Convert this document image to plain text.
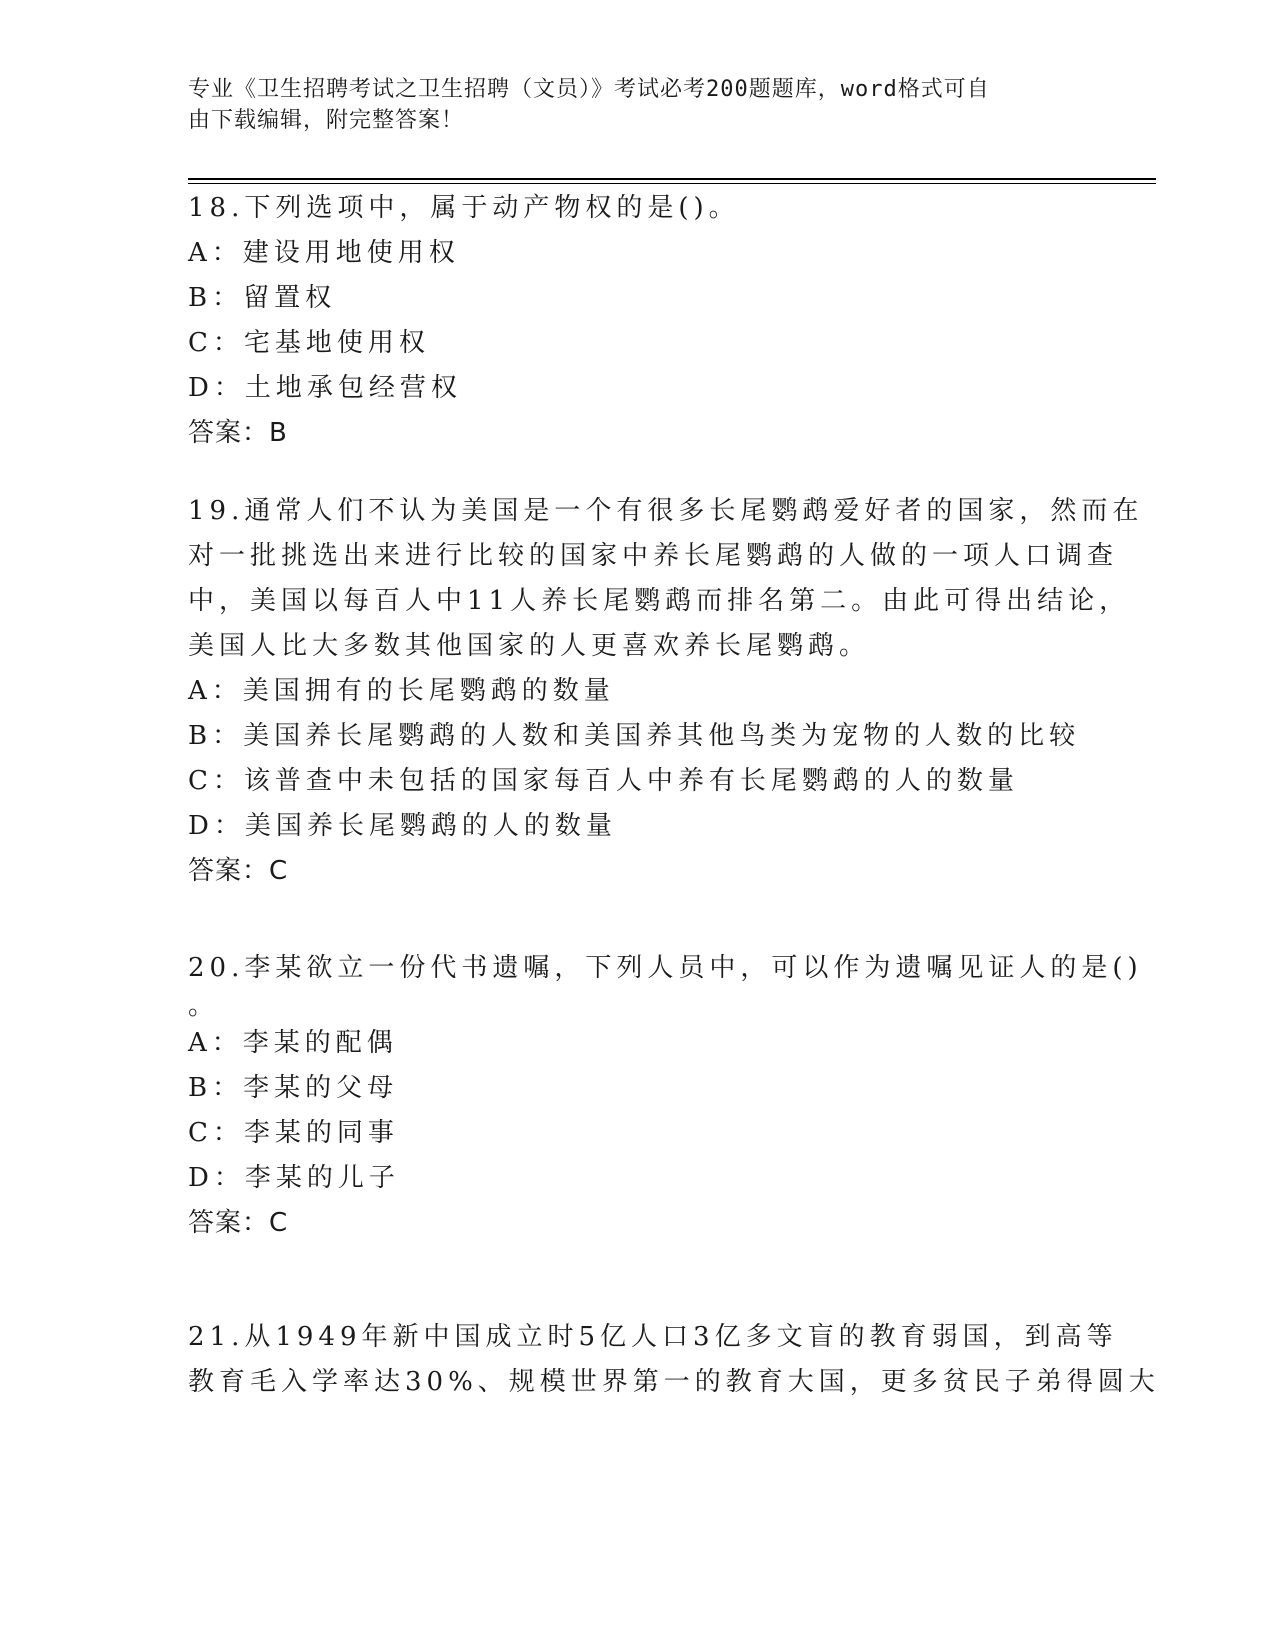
专业《卫生招聘考试之卫生招聘（文员）》考试必考200题题库，word格式可自
由下载编辑，附完整答案！
18.下列选项中，属于动产物权的是()。
A：建设用地使用权
B：留置权
C：宅基地使用权
D：土地承包经营权
答案：B
19.通常人们不认为美国是一个有很多长尾鹦鹉爱好者的国家，然而在
对一批挑选出来进行比较的国家中养长尾鹦鹉的人做的一项人口调查
中，美国以每百人中11人养长尾鹦鹉而排名第二。由此可得出结论，
美国人比大多数其他国家的人更喜欢养长尾鹦鹉。
A：美国拥有的长尾鹦鹉的数量
B：美国养长尾鹦鹉的人数和美国养其他鸟类为宠物的人数的比较
C：该普查中未包括的国家每百人中养有长尾鹦鹉的人的数量
D：美国养长尾鹦鹉的人的数量
答案：C
20.李某欲立一份代书遗嘱，下列人员中，可以作为遗嘱见证人的是()
。
A：李某的配偶
B：李某的父母
C：李某的同事
D：李某的儿子
答案：C
21.从1949年新中国成立时5亿人口3亿多文盲的教育弱国，到高等
教育毛入学率达30%、规模世界第一的教育大国，更多贫民子弟得圆大
